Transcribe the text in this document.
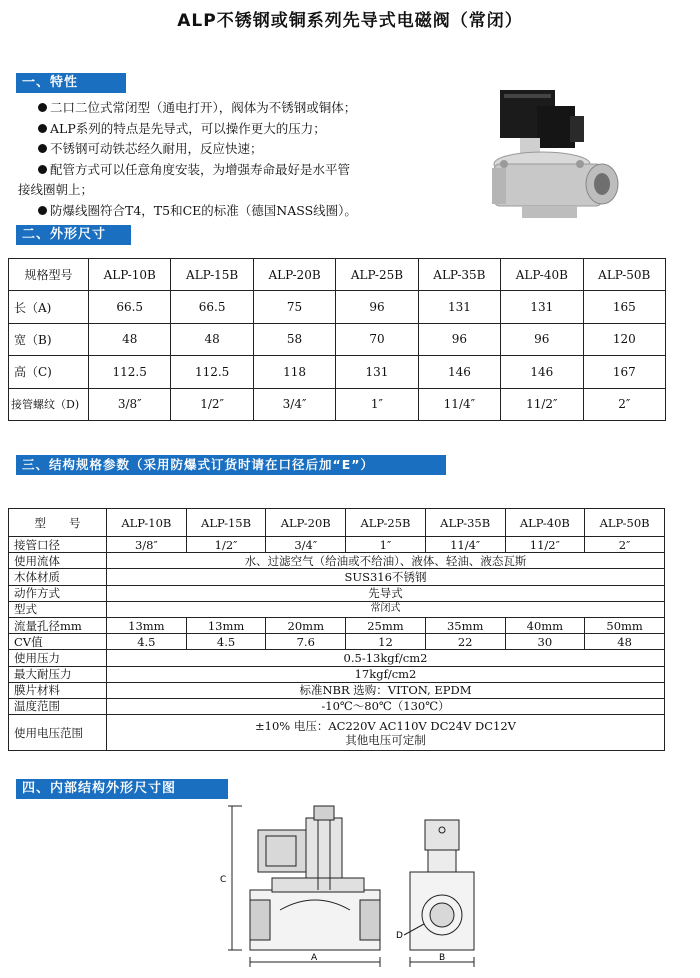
ALP不锈钢或铜系列先导式电磁阀（常闭）
一、特性
二口二位式常闭型（通电打开），阀体为不锈钢或铜体；
ALP系列的特点是先导式，可以操作更大的压力；
不锈钢可动铁芯经久耐用，反应快速；
配管方式可以任意角度安装，为增强寿命最好是水平管
接线圈朝上；
防爆线圈符合T4，T5和CE的标准（德国NASS线圈）。
二、外形尺寸
规格型号	ALP-10B	ALP-15B	ALP-20B	ALP-25B	ALP-35B	ALP-40B	ALP-50B
长（A)	66.5	66.5	75	96	131	131	165
宽（B)	48	48	58	70	96	96	120
高（C)	112.5	112.5	118	131	146	146	167
接管螺纹（D)	3/8″	1/2″	3/4″	1″	11/4″	11/2″	2″
三、结构规格参数（采用防爆式订货时请在口径后加“E”）
型　　号	ALP-10B	ALP-15B	ALP-20B	ALP-25B	ALP-35B	ALP-40B	ALP-50B
接管口径	3/8″	1/2″	3/4″	1″	11/4″	11/2″	2″
使用流体	水、过滤空气（给油或不给油）、液体、轻油、液态瓦斯						
木体材质	SUS316不锈钢						
动作方式	先导式						
型式	常闭式						
流量孔径mm	13mm	13mm	20mm	25mm	35mm	40mm	50mm
CV值	4.5	4.5	7.6	12	22	30	48
使用压力	0.5-13kgf/cm2						
最大耐压力	17kgf/cm2						
膜片材料	标准NBR 选购：VITON, EPDM						
温度范围	-10℃～80℃（130℃）						
使用电压范围	±10% 电压：AC220V AC110V DC24V DC12V
其他电压可定制						
四、内部结构外形尺寸图
C
A	B
D
